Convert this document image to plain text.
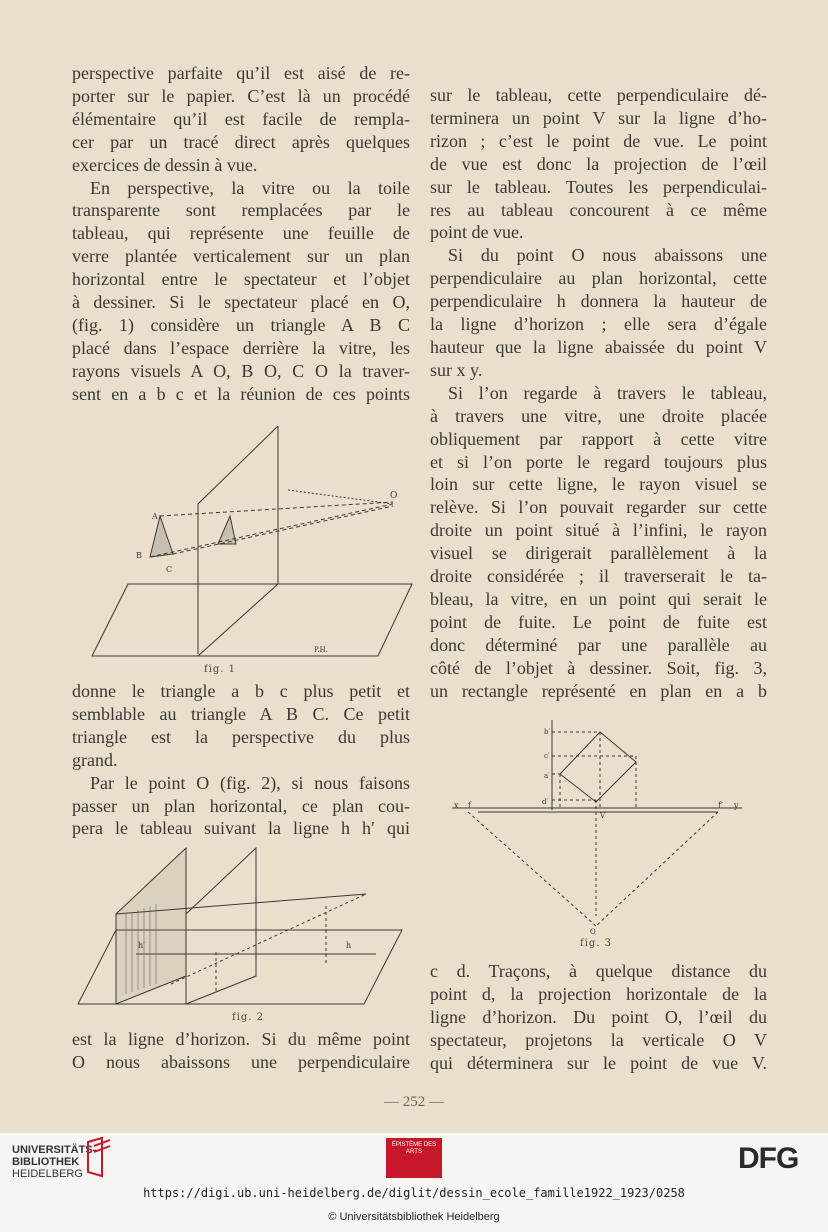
perspective parfaite qu’il est aisé de re-
porter sur le papier. C’est là un procédé
élémentaire qu’il est facile de rempla-
cer par un tracé direct après quelques
exercices de dessin à vue.
En perspective, la vitre ou la toile
transparente sont remplacées par le
tableau, qui représente une feuille de
verre plantée verticalement sur un plan
horizontal entre le spectateur et l’objet
à dessiner. Si le spectateur placé en O,
(fig. 1) considère un triangle A B C
placé dans l’espace derrière la vitre, les
rayons visuels A O, B O, C O la traver-
sent en a b c et la réunion de ces points
O
A
B
C
P.H.
fig. 1
donne le triangle a b c plus petit et
semblable au triangle A B C. Ce petit
triangle est la perspective du plus
grand.
Par le point O (fig. 2), si nous faisons
passer un plan horizontal, ce plan cou-
pera le tableau suivant la ligne h h′ qui
h
h′
fig. 2
est la ligne d’horizon. Si du même point
O nous abaissons une perpendiculaire
sur le tableau, cette perpendiculaire dé-
terminera un point V sur la ligne d’ho-
rizon ; c’est le point de vue. Le point
de vue est donc la projection de l’œil
sur le tableau. Toutes les perpendiculai-
res au tableau concourent à ce même
point de vue.
Si du point O nous abaissons une
perpendiculaire au plan horizontal, cette
perpendiculaire h donnera la hauteur de
la ligne d’horizon ; elle sera d’égale
hauteur que la ligne abaissée du point V
sur x y.
Si l’on regarde à travers le tableau,
à travers une vitre, une droite placée
obliquement par rapport à cette vitre
et si l’on porte le regard toujours plus
loin sur cette ligne, le rayon visuel se
relève. Si l’on pouvait regarder sur cette
droite un point situé à l’infini, le rayon
visuel se dirigerait parallèlement à la
droite considérée ; il traverserait le ta-
bleau, la vitre, en un point qui serait le
point de fuite. Le point de fuite est
donc déterminé par une parallèle au
côté de l’objet à dessiner. Soit, fig. 3,
un rectangle représenté en plan en a b
b′
c′
a′
d′
x	y
f	f′
O
V
fig. 3
c d. Traçons, à quelque distance du
point d, la projection horizontale de la
ligne d’horizon. Du point O, l’œil du
spectateur, projetons la verticale O V
qui déterminera sur le point de vue V.
— 252 —
UNIVERSITÄTS-
BIBLIOTHEK
HEIDELBERG
ÉPISTÈME DES ARTS	DFG
https://digi.ub.uni-heidelberg.de/diglit/dessin_ecole_famille1922_1923/0258
© Universitätsbibliothek Heidelberg
